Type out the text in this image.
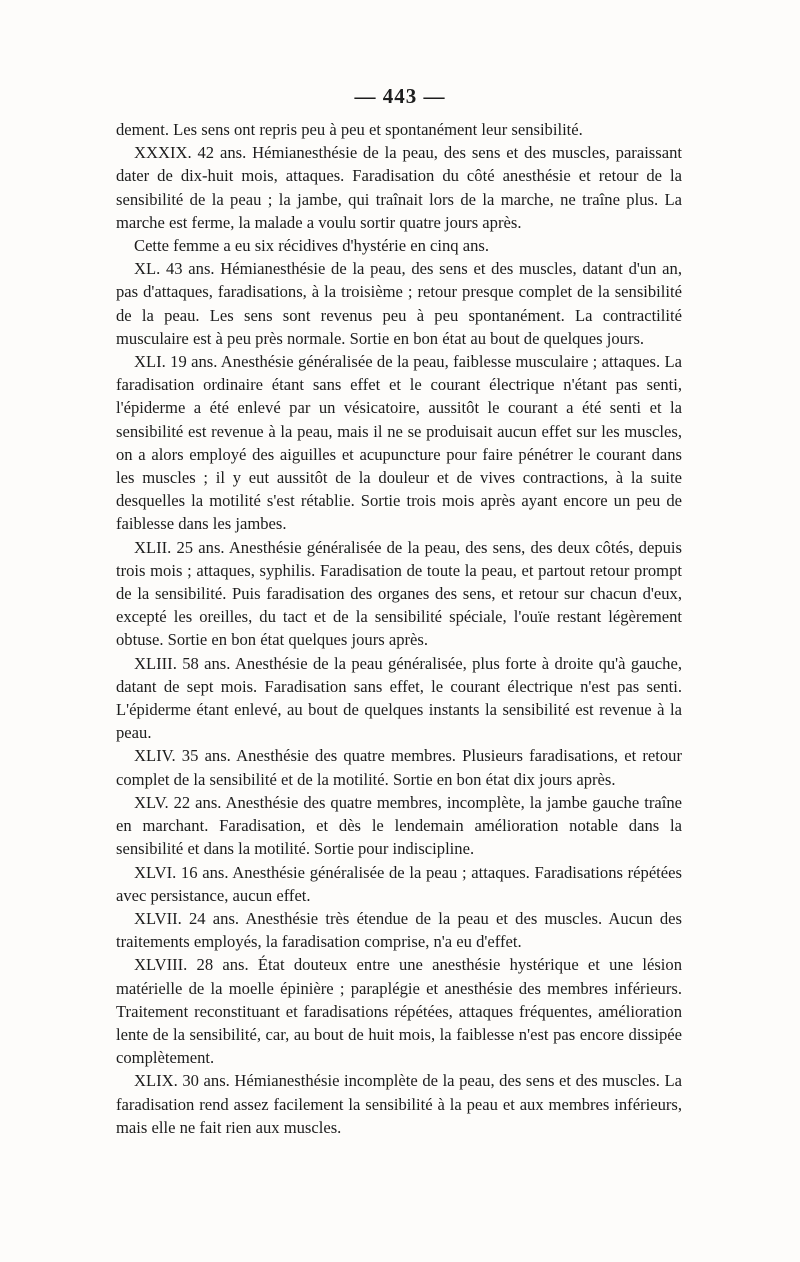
— 443 —

dement. Les sens ont repris peu à peu et spontanément leur sensibilité.

XXXIX. 42 ans. Hémianesthésie de la peau, des sens et des muscles, paraissant dater de dix-huit mois, attaques. Faradisation du côté anesthésie et retour de la sensibilité de la peau ; la jambe, qui traînait lors de la marche, ne traîne plus. La marche est ferme, la malade a voulu sortir quatre jours après.

Cette femme a eu six récidives d'hystérie en cinq ans.

XL. 43 ans. Hémianesthésie de la peau, des sens et des muscles, datant d'un an, pas d'attaques, faradisations, à la troisième ; retour presque complet de la sensibilité de la peau. Les sens sont revenus peu à peu spontanément. La contractilité musculaire est à peu près normale. Sortie en bon état au bout de quelques jours.

XLI. 19 ans. Anesthésie généralisée de la peau, faiblesse musculaire ; attaques. La faradisation ordinaire étant sans effet et le courant électrique n'étant pas senti, l'épiderme a été enlevé par un vésicatoire, aussitôt le courant a été senti et la sensibilité est revenue à la peau, mais il ne se produisait aucun effet sur les muscles, on a alors employé des aiguilles et acupuncture pour faire pénétrer le courant dans les muscles ; il y eut aussitôt de la douleur et de vives contractions, à la suite desquelles la motilité s'est rétablie. Sortie trois mois après ayant encore un peu de faiblesse dans les jambes.

XLII. 25 ans. Anesthésie généralisée de la peau, des sens, des deux côtés, depuis trois mois ; attaques, syphilis. Faradisation de toute la peau, et partout retour prompt de la sensibilité. Puis faradisation des organes des sens, et retour sur chacun d'eux, excepté les oreilles, du tact et de la sensibilité spéciale, l'ouïe restant légèrement obtuse. Sortie en bon état quelques jours après.

XLIII. 58 ans. Anesthésie de la peau généralisée, plus forte à droite qu'à gauche, datant de sept mois. Faradisation sans effet, le courant électrique n'est pas senti. L'épiderme étant enlevé, au bout de quelques instants la sensibilité est revenue à la peau.

XLIV. 35 ans. Anesthésie des quatre membres. Plusieurs faradisations, et retour complet de la sensibilité et de la motilité. Sortie en bon état dix jours après.

XLV. 22 ans. Anesthésie des quatre membres, incomplète, la jambe gauche traîne en marchant. Faradisation, et dès le lendemain amélioration notable dans la sensibilité et dans la motilité. Sortie pour indiscipline.

XLVI. 16 ans. Anesthésie généralisée de la peau ; attaques. Faradisations répétées avec persistance, aucun effet.

XLVII. 24 ans. Anesthésie très étendue de la peau et des muscles. Aucun des traitements employés, la faradisation comprise, n'a eu d'effet.

XLVIII. 28 ans. État douteux entre une anesthésie hystérique et une lésion matérielle de la moelle épinière ; paraplégie et anesthésie des membres inférieurs. Traitement reconstituant et faradisations répétées, attaques fréquentes, amélioration lente de la sensibilité, car, au bout de huit mois, la faiblesse n'est pas encore dissipée complètement.

XLIX. 30 ans. Hémianesthésie incomplète de la peau, des sens et des muscles. La faradisation rend assez facilement la sensibilité à la peau et aux membres inférieurs, mais elle ne fait rien aux muscles.
